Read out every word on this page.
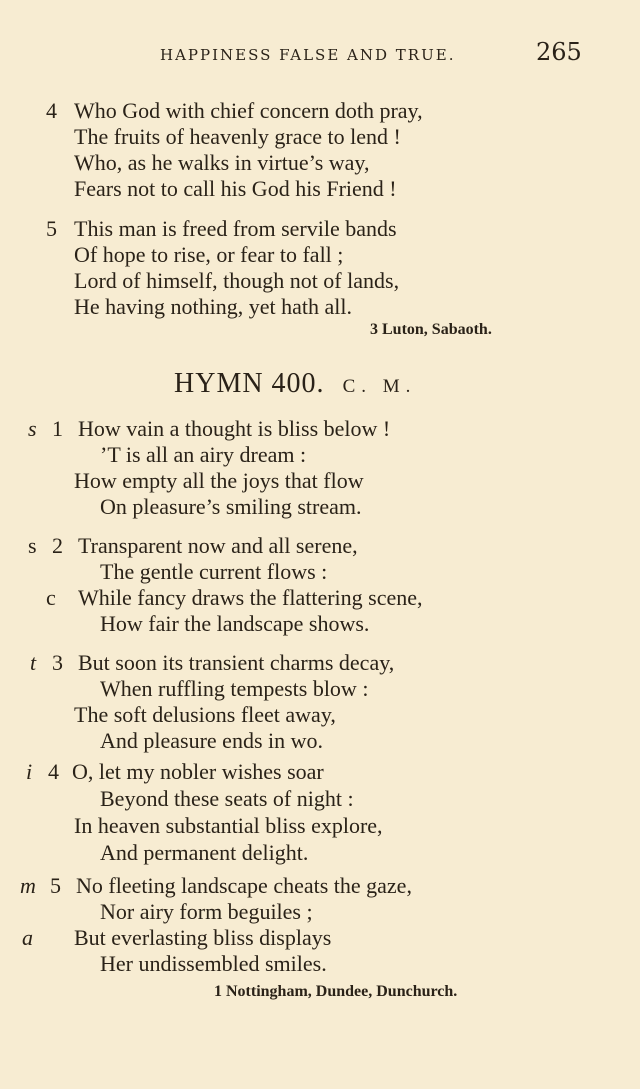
HAPPINESS FALSE AND TRUE.	265
4 Who God with chief concern doth pray,
The fruits of heavenly grace to lend !
Who, as he walks in virtue’s way,
Fears not to call his God his Friend !
5 This man is freed from servile bands
Of hope to rise, or fear to fall ;
Lord of himself, though not of lands,
He having nothing, yet hath all.
3 Luton, Sabaoth.
HYMN 400. C. M.
s 1 How vain a thought is bliss below !
’T is all an airy dream :
How empty all the joys that flow
On pleasure’s smiling stream.
s 2 Transparent now and all serene,
The gentle current flows :
c While fancy draws the flattering scene,
How fair the landscape shows.
t 3 But soon its transient charms decay,
When ruffling tempests blow :
The soft delusions fleet away,
And pleasure ends in wo.
i 4 O, let my nobler wishes soar
Beyond these seats of night :
In heaven substantial bliss explore,
And permanent delight.
m 5 No fleeting landscape cheats the gaze,
Nor airy form beguiles ;
a But everlasting bliss displays
Her undissembled smiles.
1 Nottingham, Dundee, Dunchurch.
